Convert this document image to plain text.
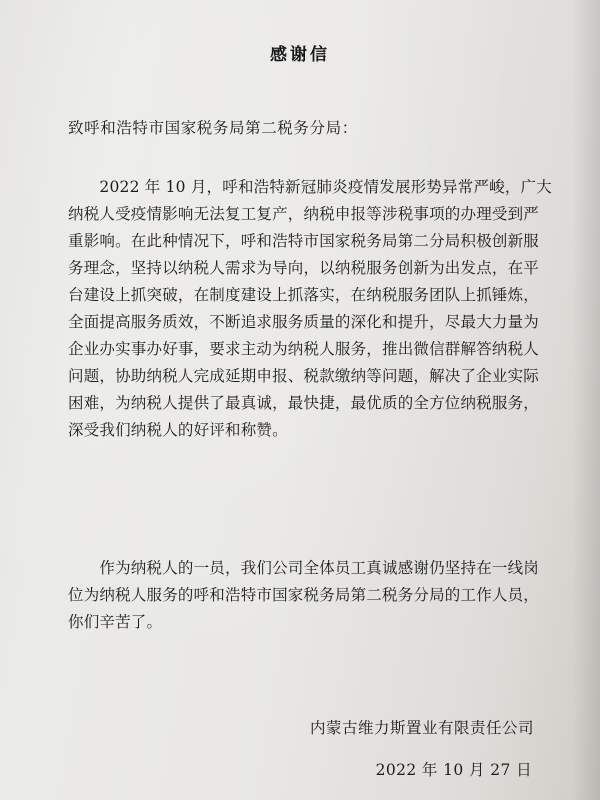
感谢信
致呼和浩特市国家税务局第二税务分局：
　　2022 年 10 月，呼和浩特新冠肺炎疫情发展形势异常严峻，广大
纳税人受疫情影响无法复工复产，纳税申报等涉税事项的办理受到严
重影响。在此种情况下，呼和浩特市国家税务局第二分局积极创新服
务理念，坚持以纳税人需求为导向，以纳税服务创新为出发点，在平
台建设上抓突破，在制度建设上抓落实，在纳税服务团队上抓锤炼，
全面提高服务质效，不断追求服务质量的深化和提升，尽最大力量为
企业办实事办好事，要求主动为纳税人服务，推出微信群解答纳税人
问题，协助纳税人完成延期申报、税款缴纳等问题，解决了企业实际
困难，为纳税人提供了最真诚，最快捷，最优质的全方位纳税服务，
深受我们纳税人的好评和称赞。
　　作为纳税人的一员，我们公司全体员工真诚感谢仍坚持在一线岗
位为纳税人服务的呼和浩特市国家税务局第二税务分局的工作人员，
你们辛苦了。
内蒙古维力斯置业有限责任公司
2022 年 10 月 27 日
